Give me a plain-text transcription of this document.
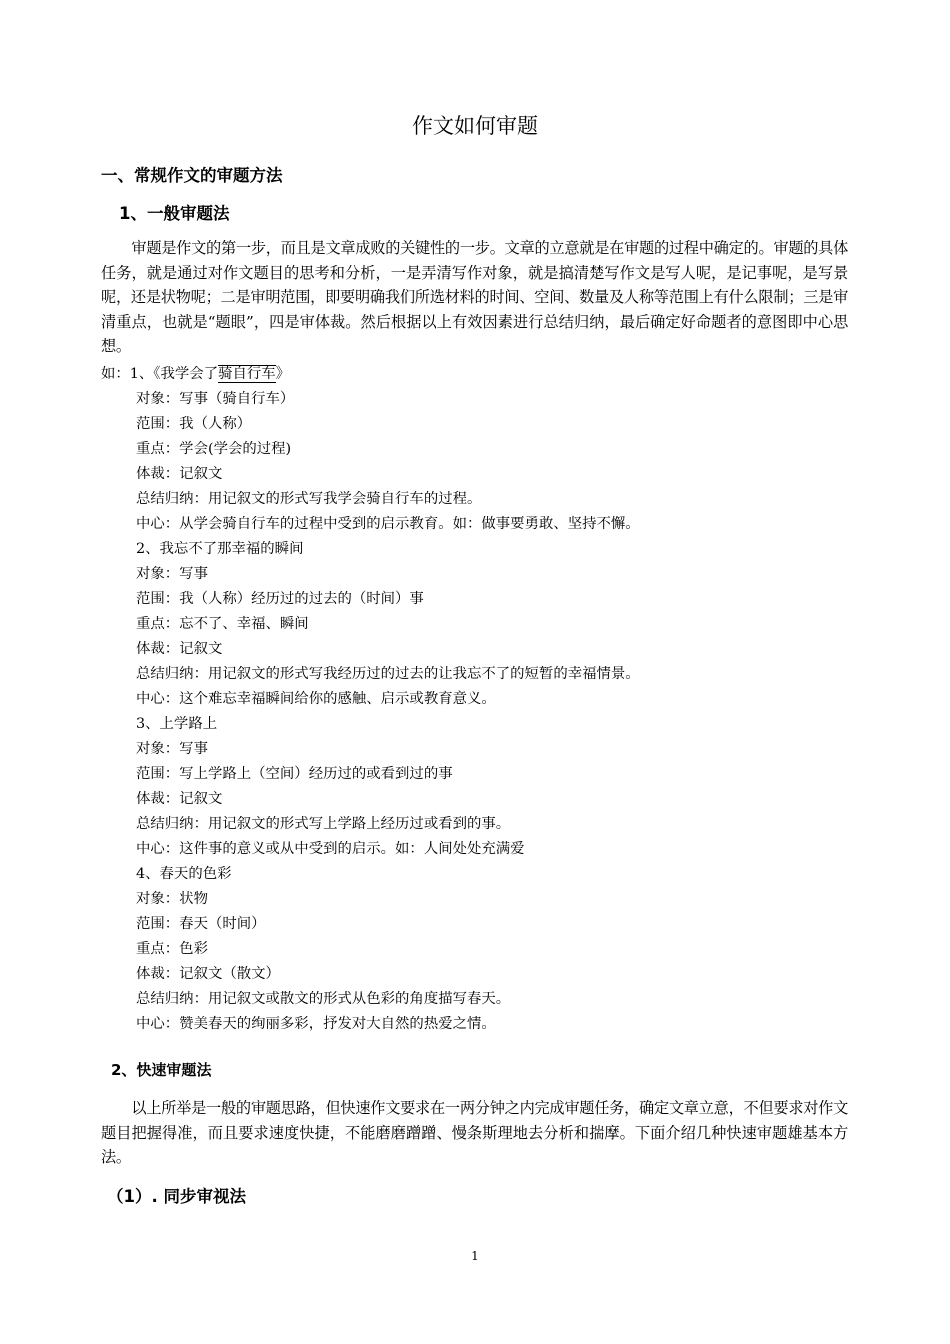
作文如何审题
一、常规作文的审题方法
1、一般审题法

审题是作文的第一步，而且是文章成败的关键性的一步。文章的立意就是在审题的过程中确定的。审题的具体任务，就是通过对作文题目的思考和分析，一是弄清写作对象，就是搞清楚写作文是写人呢，是记事呢，是写景呢，还是状物呢；二是审明范围，即要明确我们所选材料的时间、空间、数量及人称等范围上有什么限制；三是审清重点，也就是“题眼”，四是审体裁。然后根据以上有效因素进行总结归纳，最后确定好命题者的意图即中心思想。

如：1、《我学会了骑自行车》
对象：写事（骑自行车）
范围：我（人称）
重点：学会(学会的过程)
体裁：记叙文
总结归纳：用记叙文的形式写我学会骑自行车的过程。
中心：从学会骑自行车的过程中受到的启示教育。如：做事要勇敢、坚持不懈。
2、我忘不了那幸福的瞬间
对象：写事
范围：我（人称）经历过的过去的（时间）事
重点：忘不了、幸福、瞬间
体裁：记叙文
总结归纳：用记叙文的形式写我经历过的过去的让我忘不了的短暂的幸福情景。
中心：这个难忘幸福瞬间给你的感触、启示或教育意义。
3、上学路上
对象：写事
范围：写上学路上（空间）经历过的或看到过的事
体裁：记叙文
总结归纳：用记叙文的形式写上学路上经历过或看到的事。
中心：这件事的意义或从中受到的启示。如：人间处处充满爱
4、春天的色彩
对象：状物
范围：春天（时间）
重点：色彩
体裁：记叙文（散文）
总结归纳：用记叙文或散文的形式从色彩的角度描写春天。
中心：赞美春天的绚丽多彩，抒发对大自然的热爱之情。
2、快速审题法

以上所举是一般的审题思路，但快速作文要求在一两分钟之内完成审题任务，确定文章立意，不但要求对作文题目把握得准，而且要求速度快捷，不能磨磨蹭蹭、慢条斯理地去分析和揣摩。下面介绍几种快速审题雄基本方法。

（1）. 同步审视法
1
